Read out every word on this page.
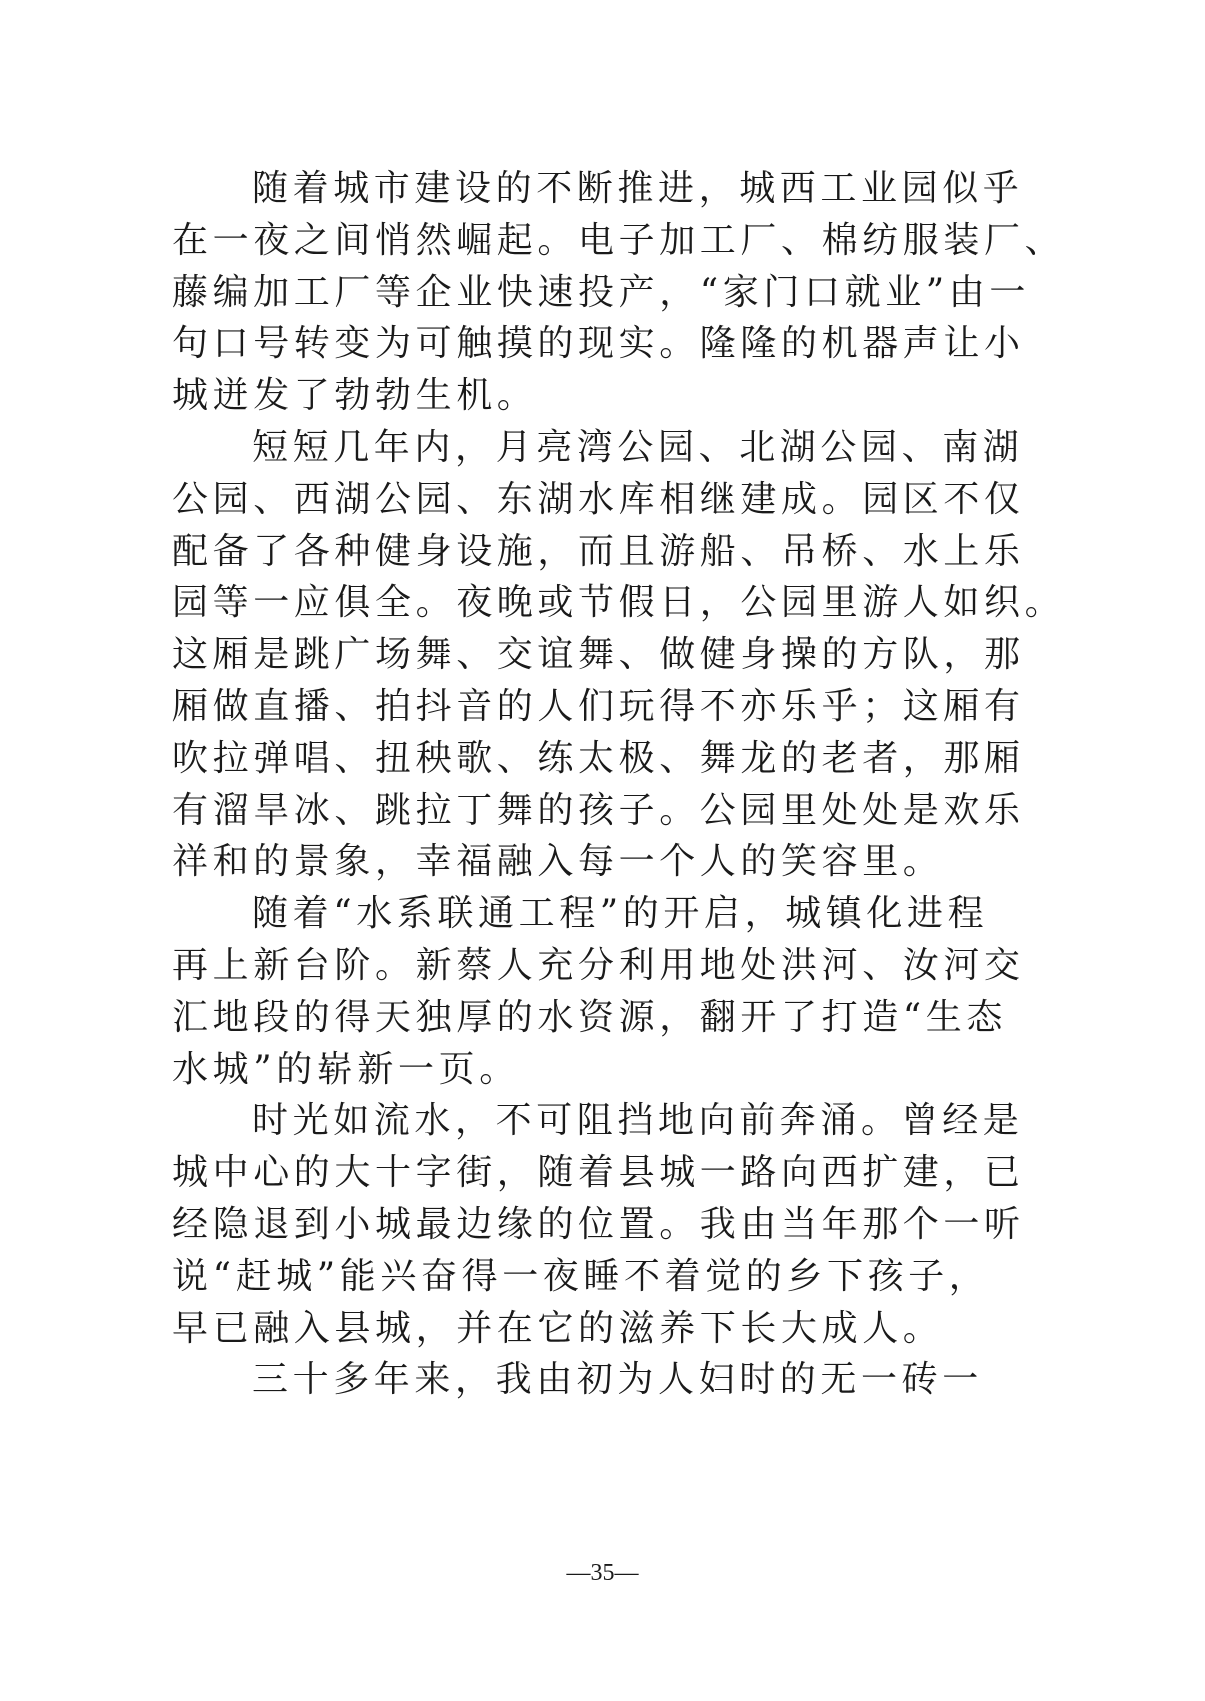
随着城市建设的不断推进，城西工业园似乎
在一夜之间悄然崛起。电子加工厂、棉纺服装厂、
藤编加工厂等企业快速投产，“家门口就业”由一
句口号转变为可触摸的现实。隆隆的机器声让小
城迸发了勃勃生机。
短短几年内，月亮湾公园、北湖公园、南湖
公园、西湖公园、东湖水库相继建成。园区不仅
配备了各种健身设施，而且游船、吊桥、水上乐
园等一应俱全。夜晚或节假日，公园里游人如织。
这厢是跳广场舞、交谊舞、做健身操的方队，那
厢做直播、拍抖音的人们玩得不亦乐乎；这厢有
吹拉弹唱、扭秧歌、练太极、舞龙的老者，那厢
有溜旱冰、跳拉丁舞的孩子。公园里处处是欢乐
祥和的景象，幸福融入每一个人的笑容里。
随着“水系联通工程”的开启，城镇化进程
再上新台阶。新蔡人充分利用地处洪河、汝河交
汇地段的得天独厚的水资源，翻开了打造“生态
水城”的崭新一页。
时光如流水，不可阻挡地向前奔涌。曾经是
城中心的大十字街，随着县城一路向西扩建，已
经隐退到小城最边缘的位置。我由当年那个一听
说“赶城”能兴奋得一夜睡不着觉的乡下孩子，
早已融入县城，并在它的滋养下长大成人。
三十多年来，我由初为人妇时的无一砖一
—35—
